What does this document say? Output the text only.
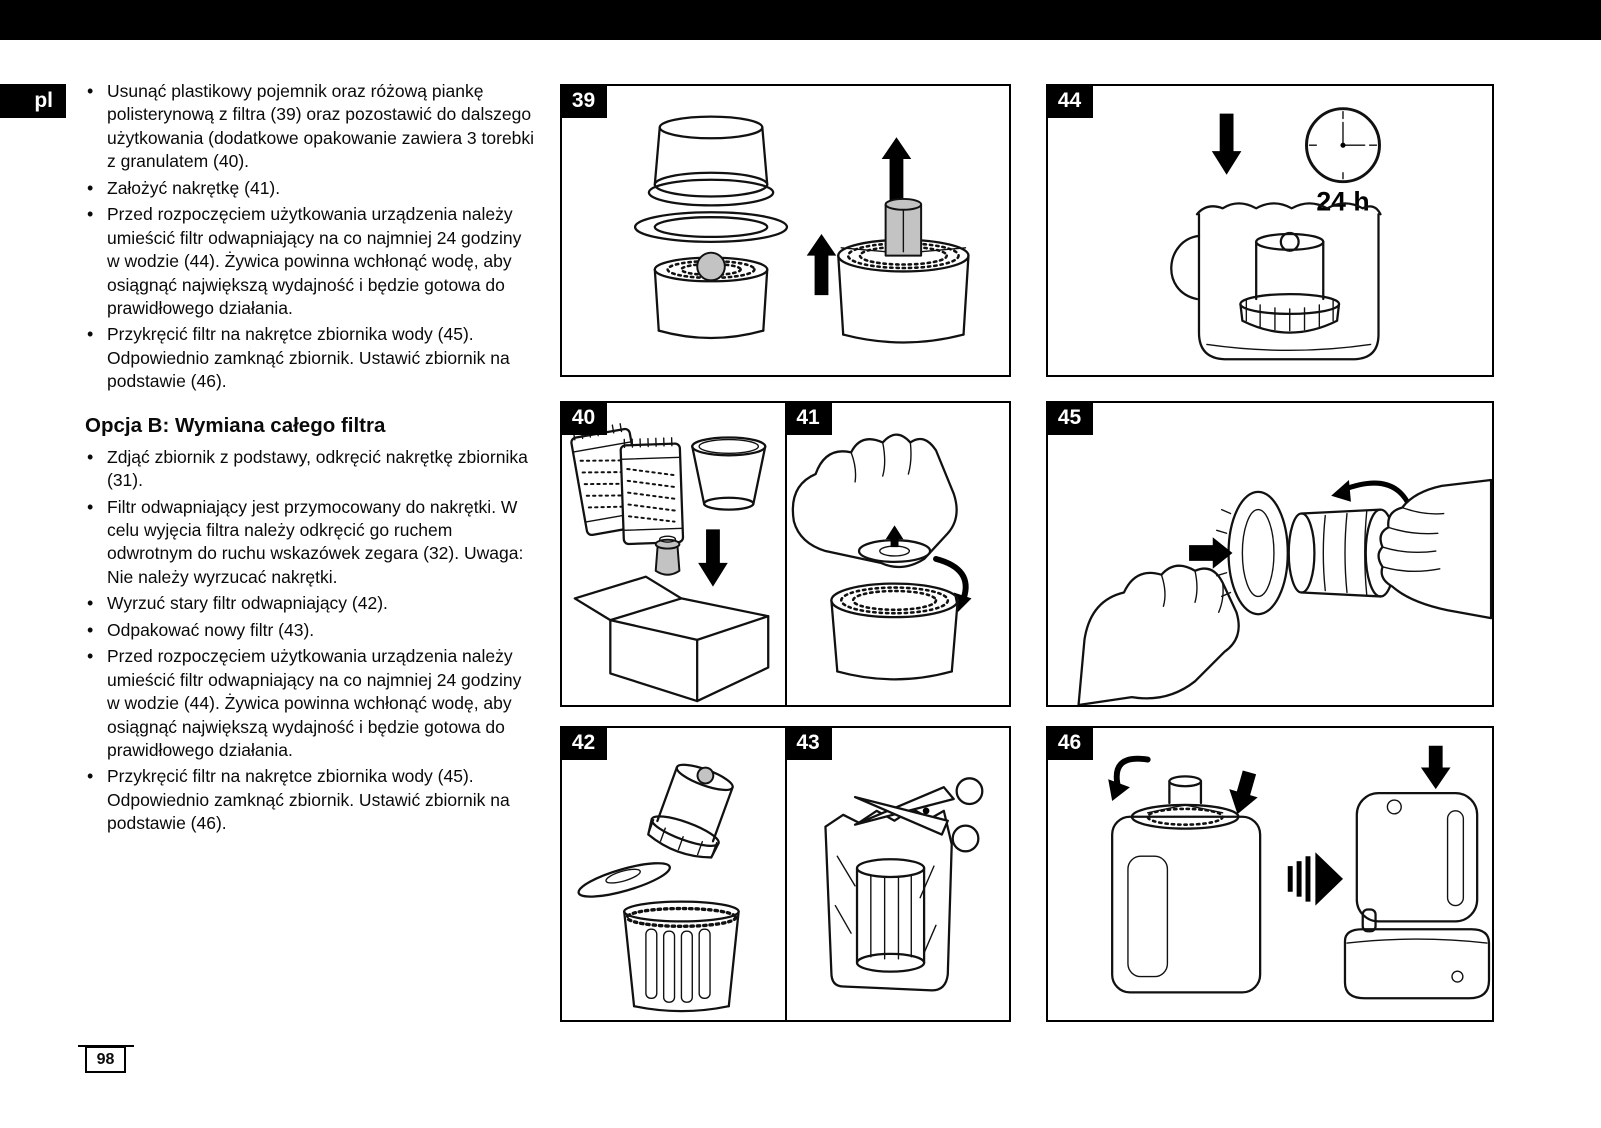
pl	• Usunąć plastikowy pojemnik oraz różową piankę polisterynową z filtra (39) oraz pozostawić do dalszego użytkowania (dodatkowe opakowanie zawiera 3 torebki z granulatem (40).
• Założyć nakrętkę (41).
• Przed rozpoczęciem użytkowania urządzenia należy umieścić filtr odwapniający na co najmniej 24 godziny w wodzie (44). Żywica powinna wchłonąć wodę, aby osiągnąć największą wydajność i będzie gotowa do prawidłowego działania.
• Przykręcić filtr na nakrętce zbiornika wody (45). Odpowiednio zamknąć zbiornik. Ustawić zbiornik na podstawie (46).
Opcja B: Wymiana całego filtra
• Zdjąć zbiornik z podstawy, odkręcić nakrętkę zbiornika (31).
• Filtr odwapniający jest przymocowany do nakrętki. W celu wyjęcia filtra należy odkręcić go ruchem odwrotnym do ruchu wskazówek zegara (32). Uwaga: Nie należy wyrzucać nakrętki.
• Wyrzuć stary filtr odwapniający (42).
• Odpakować nowy filtr (43).
• Przed rozpoczęciem użytkowania urządzenia należy umieścić filtr odwapniający na co najmniej 24 godziny w wodzie (44). Żywica powinna wchłonąć wodę, aby osiągnąć największą wydajność i będzie gotowa do prawidłowego działania.
• Przykręcić filtr na nakrętce zbiornika wody (45). Odpowiednio zamknąć zbiornik. Ustawić zbiornik na podstawie (46).
39	44
24 h
40	41	45
42	43	46
98
